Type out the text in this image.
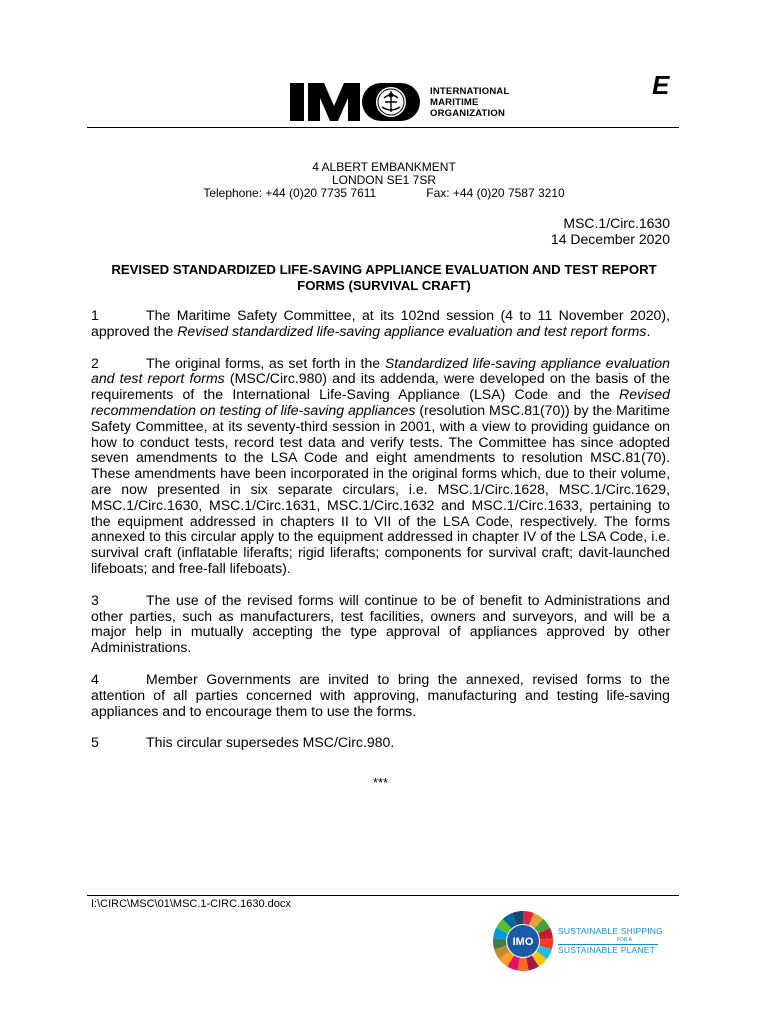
INTERNATIONAL
MARITIME
ORGANIZATION
E
4 ALBERT EMBANKMENT
LONDON SE1 7SR
Telephone: +44 (0)20 7735 7611	Fax: +44 (0)20 7587 3210
MSC.1/Circ.1630
14 December 2020
REVISED STANDARDIZED LIFE-SAVING APPLIANCE EVALUATION AND TEST REPORT FORMS (SURVIVAL CRAFT)

1	The Maritime Safety Committee, at its 102nd session (4 to 11 November 2020), approved the Revised standardized life-saving appliance evaluation and test report forms.

2	The original forms, as set forth in the Standardized life-saving appliance evaluation and test report forms (MSC/Circ.980) and its addenda, were developed on the basis of the requirements of the International Life-Saving Appliance (LSA) Code and the Revised recommendation on testing of life-saving appliances (resolution MSC.81(70)) by the Maritime Safety Committee, at its seventy-third session in 2001, with a view to providing guidance on how to conduct tests, record test data and verify tests. The Committee has since adopted seven amendments to the LSA Code and eight amendments to resolution MSC.81(70). These amendments have been incorporated in the original forms which, due to their volume, are now presented in six separate circulars, i.e. MSC.1/Circ.1628, MSC.1/Circ.1629, MSC.1/Circ.1630, MSC.1/Circ.1631, MSC.1/Circ.1632 and MSC.1/Circ.1633, pertaining to the equipment addressed in chapters II to VII of the LSA Code, respectively. The forms annexed to this circular apply to the equipment addressed in chapter IV of the LSA Code, i.e. survival craft (inflatable liferafts; rigid liferafts; components for survival craft; davit-launched lifeboats; and free-fall lifeboats).

3	The use of the revised forms will continue to be of benefit to Administrations and other parties, such as manufacturers, test facilities, owners and surveyors, and will be a major help in mutually accepting the type approval of appliances approved by other Administrations.

4	Member Governments are invited to bring the annexed, revised forms to the attention of all parties concerned with approving, manufacturing and testing life-saving appliances and to encourage them to use the forms.

5	This circular supersedes MSC/Circ.980.

***
I:\CIRC\MSC\01\MSC.1-CIRC.1630.docx
IMO
SUSTAINABLE SHIPPING
FOR A
SUSTAINABLE PLANET
